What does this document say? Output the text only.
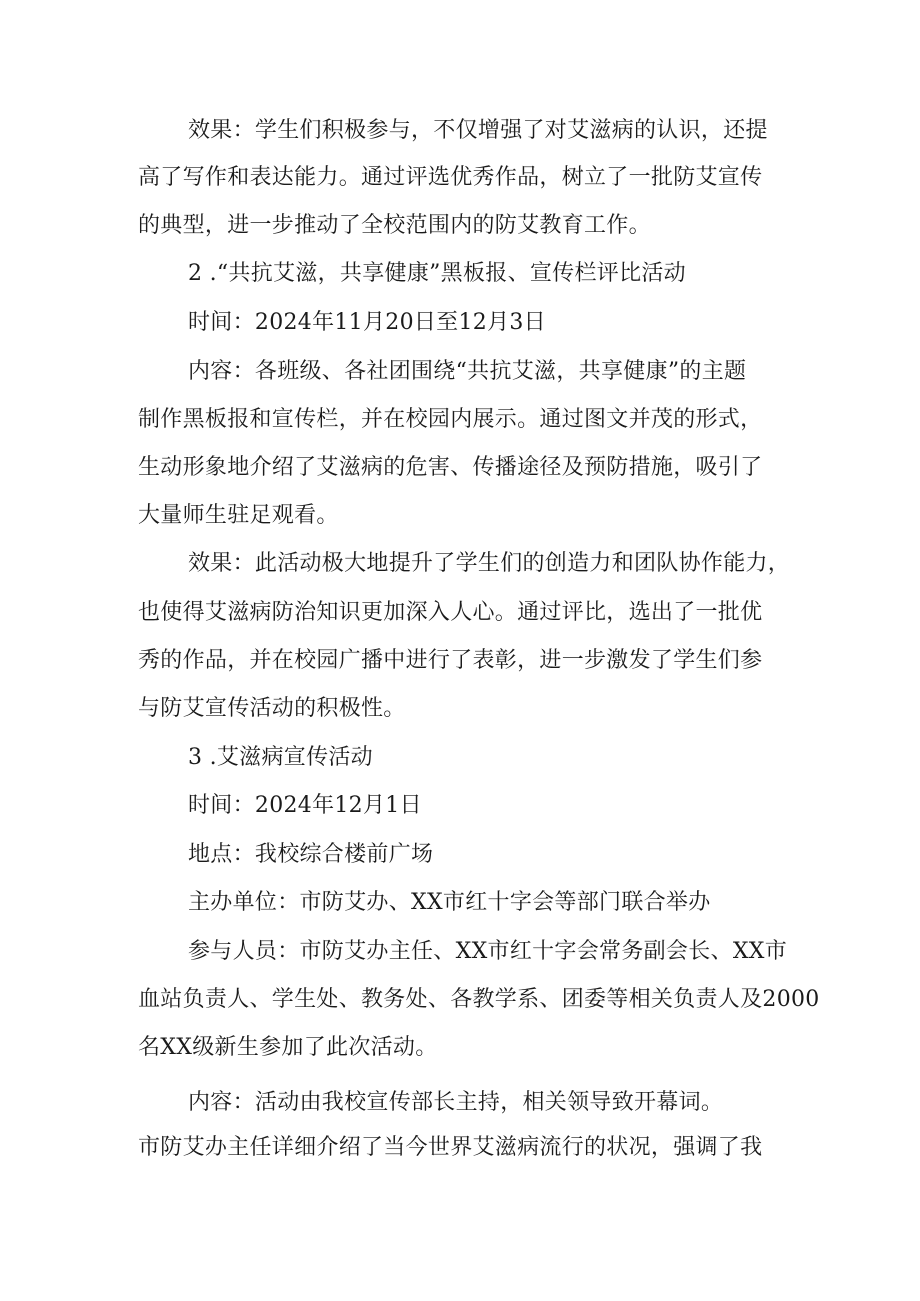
效果：学生们积极参与，不仅增强了对艾滋病的认识，还提
高了写作和表达能力。通过评选优秀作品，树立了一批防艾宣传
的典型，进一步推动了全校范围内的防艾教育工作。
2 .“共抗艾滋，共享健康”黑板报、宣传栏评比活动
时间：2024年11月20日至12月3日
内容：各班级、各社团围绕“共抗艾滋，共享健康”的主题
制作黑板报和宣传栏，并在校园内展示。通过图文并茂的形式，
生动形象地介绍了艾滋病的危害、传播途径及预防措施，吸引了
大量师生驻足观看。
效果：此活动极大地提升了学生们的创造力和团队协作能力，
也使得艾滋病防治知识更加深入人心。通过评比，选出了一批优
秀的作品，并在校园广播中进行了表彰，进一步激发了学生们参
与防艾宣传活动的积极性。
3 .艾滋病宣传活动
时间：2024年12月1日
地点：我校综合楼前广场
主办单位：市防艾办、XX市红十字会等部门联合举办
参与人员：市防艾办主任、XX市红十字会常务副会长、XX市
血站负责人、学生处、教务处、各教学系、团委等相关负责人及2000
名XX级新生参加了此次活动。
内容：活动由我校宣传部长主持，相关领导致开幕词。
市防艾办主任详细介绍了当今世界艾滋病流行的状况，强调了我
